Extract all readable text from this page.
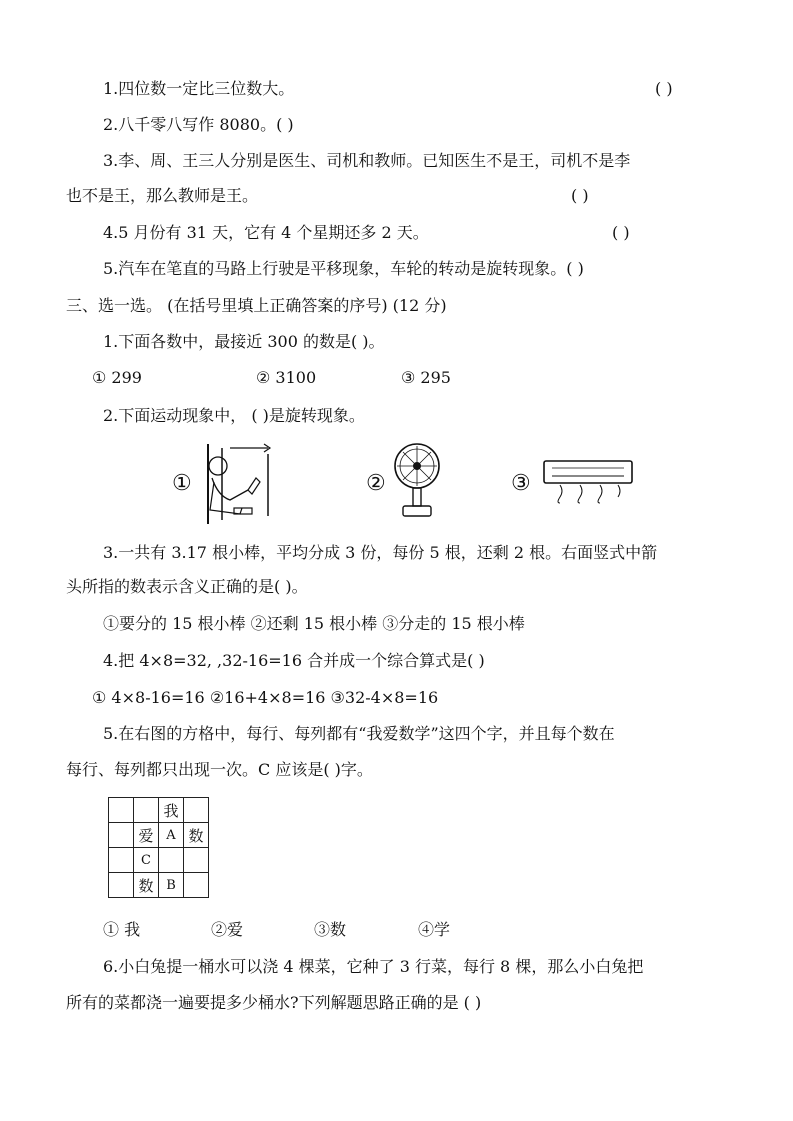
1.四位数一定比三位数大。	( )
2.八千零八写作 8080。( )
3.李、周、王三人分别是医生、司机和教师。已知医生不是王，司机不是李
也不是王，那么教师是王。	( )
4.5 月份有 31 天，它有 4 个星期还多 2 天。	( )
5.汽车在笔直的马路上行驶是平移现象，车轮的转动是旋转现象。( )
三、选一选。 (在括号里填上正确答案的序号) (12 分)
1.下面各数中，最接近 300 的数是( )。
① 299	② 3100	③ 295
2.下面运动现象中， ( )是旋转现象。
①	②	③
3.一共有 3.17 根小棒，平均分成 3 份，每份 5 根，还剩 2 根。右面竖式中箭
头所指的数表示含义正确的是( )。
①要分的 15 根小棒 ②还剩 15 根小棒 ③分走的 15 根小棒
4.把 4×8=32, ,32-16=16 合并成一个综合算式是( )
① 4×8-16=16 ②16+4×8=16 ③32-4×8=16
5.在右图的方格中，每行、每列都有“我爱数学”这四个字，并且每个数在
每行、每列都只出现一次。C 应该是( )字。
		我	
	爱	A	数
	C		
	数	B	
① 我	②爱	③数	④学
6.小白兔提一桶水可以浇 4 棵菜，它种了 3 行菜，每行 8 棵，那么小白兔把
所有的菜都浇一遍要提多少桶水?下列解题思路正确的是 ( )
